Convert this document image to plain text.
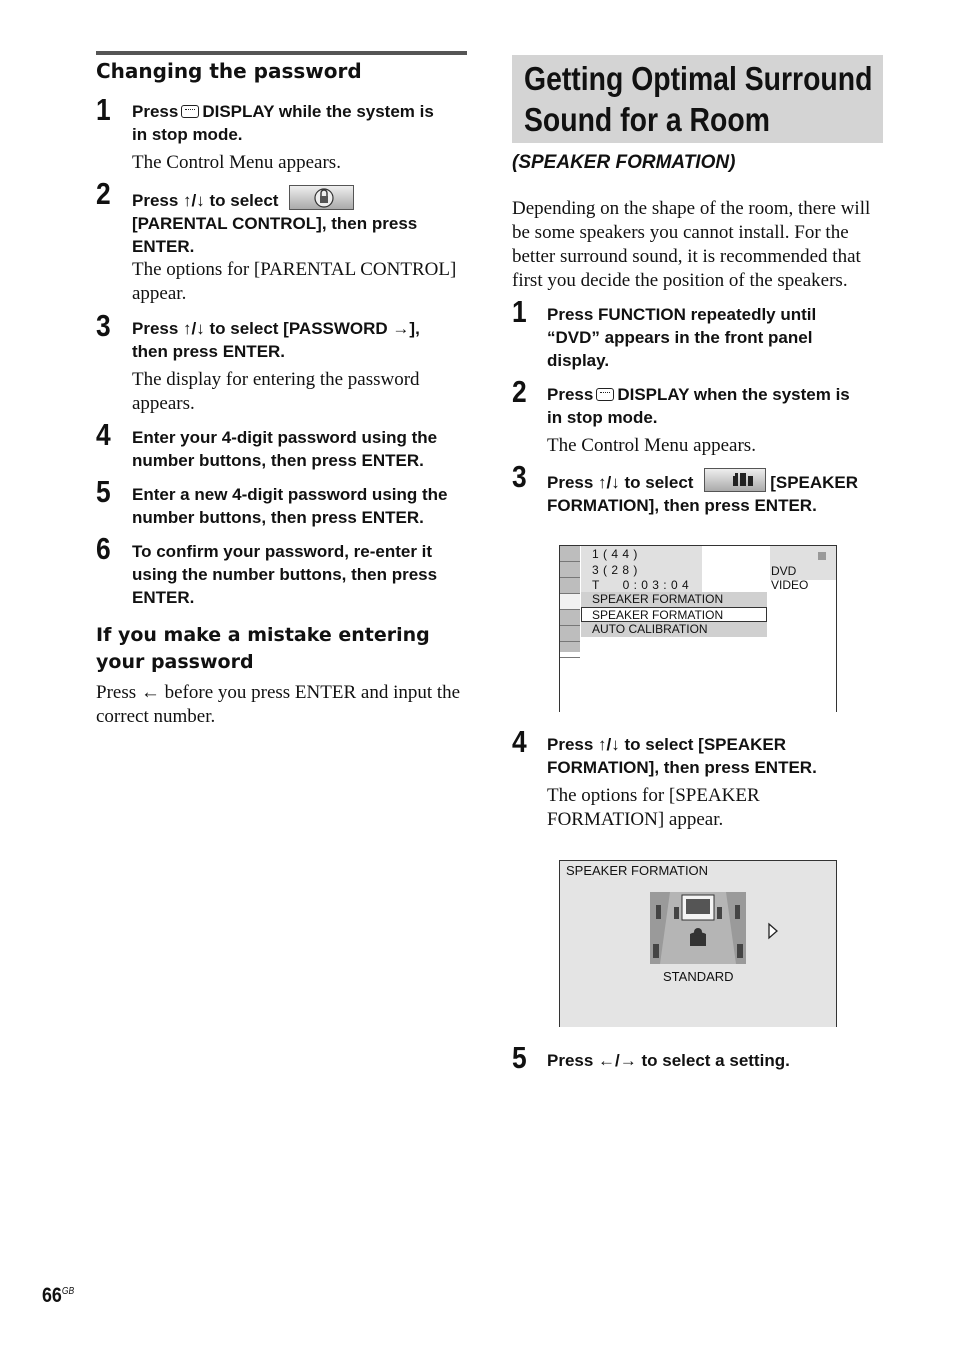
Changing the password
1 Press DISPLAY while the system is
in stop mode.
The Control Menu appears.
2 Press ↑/↓ to select
[PARENTAL CONTROL], then press
ENTER.
The options for [PARENTAL CONTROL]
appear.
3 Press ↑/↓ to select [PASSWORD →],
then press ENTER.
The display for entering the password
appears.
4 Enter your 4-digit password using the
number buttons, then press ENTER.
5 Enter a new 4-digit password using the
number buttons, then press ENTER.
6 To confirm your password, re-enter it
using the number buttons, then press
ENTER.
If you make a mistake entering
your password
Press ← before you press ENTER and input the
correct number.
Getting Optimal Surround
Sound for a Room
(SPEAKER FORMATION)
Depending on the shape of the room, there will
be some speakers you cannot install. For the
better surround sound, it is recommended that
first you decide the position of the speakers.
1 Press FUNCTION repeatedly until
“DVD” appears in the front panel
display.
2 Press DISPLAY when the system is
in stop mode.
The Control Menu appears.
3 Press ↑/↓ to select	[SPEAKER
FORMATION], then press ENTER.
1 ( 4 4 )
3 ( 2 8 )
T      0 : 0 3 : 0 4
DVD VIDEO
SPEAKER FORMATION
SPEAKER FORMATION
AUTO CALIBRATION
4 Press ↑/↓ to select [SPEAKER
FORMATION], then press ENTER.
The options for [SPEAKER
FORMATION] appear.
SPEAKER FORMATION
STANDARD
5 Press ←/→ to select a setting.
$66^{GB}$
